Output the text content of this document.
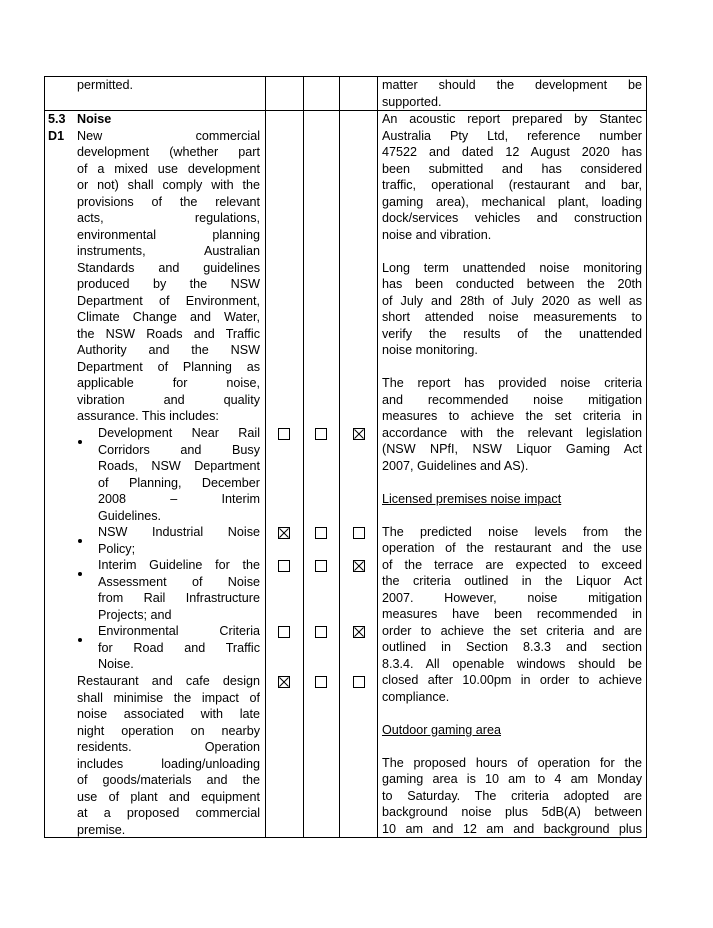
permitted.	matter should the development be
supported.
5.3
D1
Noise
New commercial
development (whether part
of a mixed use development
or not) shall comply with the
provisions of the relevant
acts, regulations,
environmental planning
instruments, Australian
Standards and guidelines
produced by the NSW
Department of Environment,
Climate Change and Water,
the NSW Roads and Traffic
Authority and the NSW
Department of Planning as
applicable for noise,
vibration and quality
assurance. This includes:
Development Near Rail
Corridors and Busy
Roads, NSW Department
of Planning, December
2008 – Interim
Guidelines.
NSW Industrial Noise
Policy;
Interim Guideline for the
Assessment of Noise
from Rail Infrastructure
Projects; and
Environmental Criteria
for Road and Traffic
Noise.
Restaurant and cafe design
shall minimise the impact of
noise associated with late
night operation on nearby
residents. Operation
includes loading/unloading
of goods/materials and the
use of plant and equipment
at a proposed commercial
premise.
An acoustic report prepared by Stantec
Australia Pty Ltd, reference number
47522 and dated 12 August 2020 has
been submitted and has considered
traffic, operational (restaurant and bar,
gaming area), mechanical plant, loading
dock/services vehicles and construction
noise and vibration.
Long term unattended noise monitoring
has been conducted between the 20th
of July and 28th of July 2020 as well as
short attended noise measurements to
verify the results of the unattended
noise monitoring.
The report has provided noise criteria
and recommended noise mitigation
measures to achieve the set criteria in
accordance with the relevant legislation
(NSW NPfI, NSW Liquor Gaming Act
2007, Guidelines and AS).
Licensed premises noise impact
The predicted noise levels from the
operation of the restaurant and the use
of the terrace are expected to exceed
the criteria outlined in the Liquor Act
2007. However, noise mitigation
measures have been recommended in
order to achieve the set criteria and are
outlined in Section 8.3.3 and section
8.3.4. All openable windows should be
closed after 10.00pm in order to achieve
compliance.
Outdoor gaming area
The proposed hours of operation for the
gaming area is 10 am to 4 am Monday
to Saturday. The criteria adopted are
background noise plus 5dB(A) between
10 am and 12 am and background plus
